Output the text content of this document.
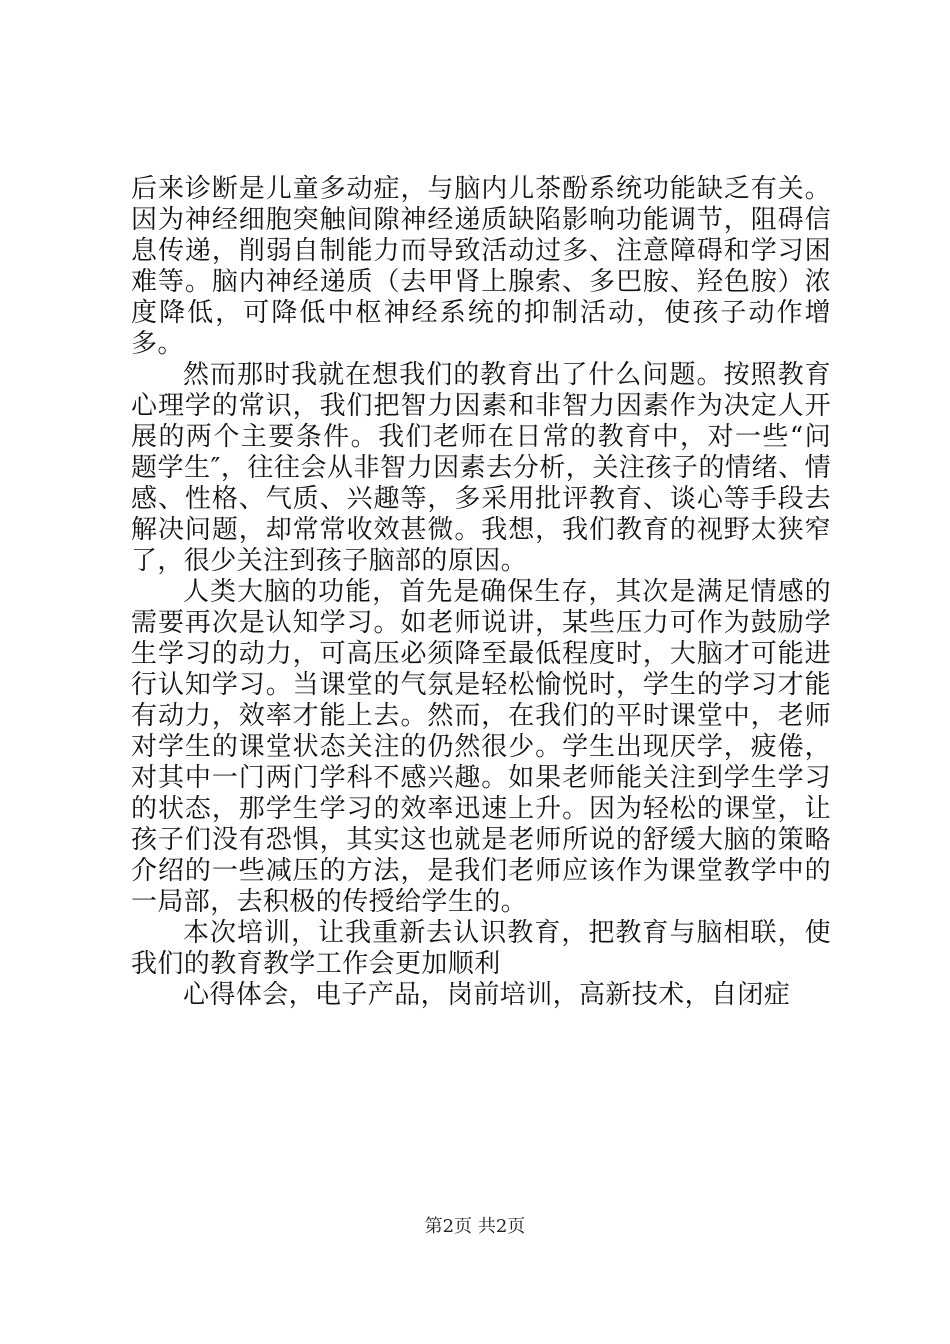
后来诊断是儿童多动症，与脑内儿茶酚系统功能缺乏有关。因为神经细胞突触间隙神经递质缺陷影响功能调节，阻碍信息传递，削弱自制能力而导致活动过多、注意障碍和学习困难等。脑内神经递质（去甲肾上腺索、多巴胺、羟色胺）浓度降低，可降低中枢神经系统的抑制活动，使孩子动作增多。

然而那时我就在想我们的教育出了什么问题。按照教育心理学的常识，我们把智力因素和非智力因素作为决定人开展的两个主要条件。我们老师在日常的教育中，对一些“问题学生″，往往会从非智力因素去分析，关注孩子的情绪、情感、性格、气质、兴趣等，多采用批评教育、谈心等手段去解决问题，却常常收效甚微。我想，我们教育的视野太狭窄了，很少关注到孩子脑部的原因。

人类大脑的功能，首先是确保生存，其次是满足情感的需要再次是认知学习。如老师说讲，某些压力可作为鼓励学生学习的动力，可高压必须降至最低程度时，大脑才可能进行认知学习。当课堂的气氛是轻松愉悦时，学生的学习才能有动力，效率才能上去。然而，在我们的平时课堂中，老师对学生的课堂状态关注的仍然很少。学生出现厌学，疲倦，对其中一门两门学科不感兴趣。如果老师能关注到学生学习的状态，那学生学习的效率迅速上升。因为轻松的课堂，让孩子们没有恐惧，其实这也就是老师所说的舒缓大脑的策略介绍的一些减压的方法，是我们老师应该作为课堂教学中的一局部，去积极的传授给学生的。

本次培训，让我重新去认识教育，把教育与脑相联，使我们的教育教学工作会更加顺利

心得体会，电子产品，岗前培训，高新技术，自闭症

第2页 共2页
